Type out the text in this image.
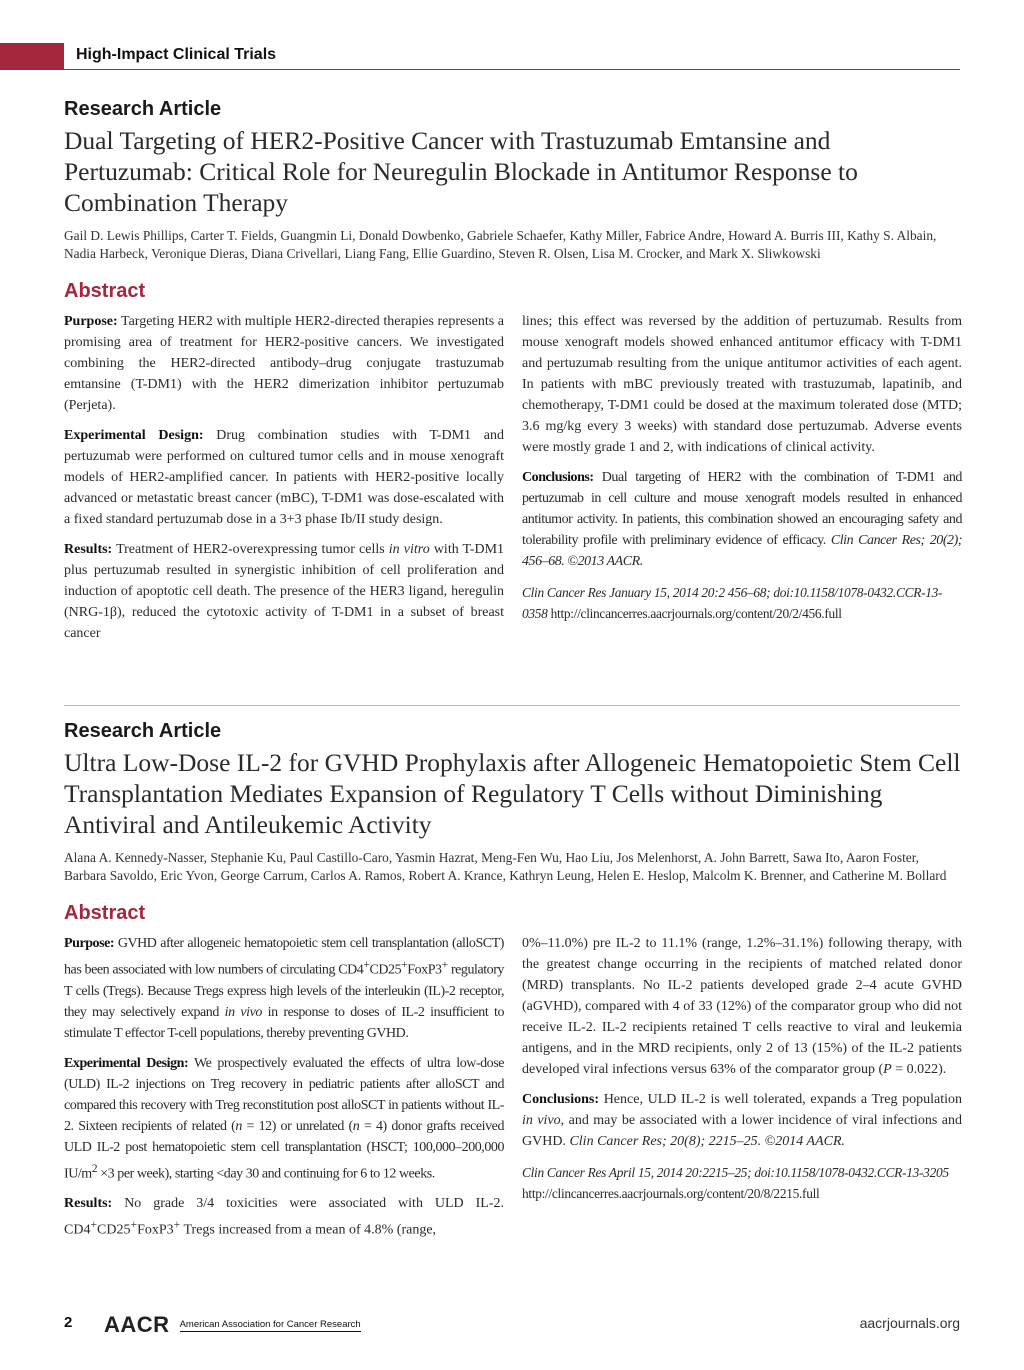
High-Impact Clinical Trials
Research Article
Dual Targeting of HER2-Positive Cancer with Trastuzumab Emtansine and Pertuzumab: Critical Role for Neuregulin Blockade in Antitumor Response to Combination Therapy

Gail D. Lewis Phillips, Carter T. Fields, Guangmin Li, Donald Dowbenko, Gabriele Schaefer, Kathy Miller, Fabrice Andre, Howard A. Burris III, Kathy S. Albain, Nadia Harbeck, Veronique Dieras, Diana Crivellari, Liang Fang, Ellie Guardino, Steven R. Olsen, Lisa M. Crocker, and Mark X. Sliwkowski

Abstract

Purpose: Targeting HER2 with multiple HER2-directed therapies represents a promising area of treatment for HER2-positive cancers. We investigated combining the HER2-directed antibody–drug conjugate trastuzumab emtansine (T-DM1) with the HER2 dimerization inhibitor pertuzumab (Perjeta).

Experimental Design: Drug combination studies with T-DM1 and pertuzumab were performed on cultured tumor cells and in mouse xenograft models of HER2-amplified cancer. In patients with HER2-positive locally advanced or metastatic breast cancer (mBC), T-DM1 was dose-escalated with a fixed standard pertuzumab dose in a 3+3 phase Ib/II study design.

Results: Treatment of HER2-overexpressing tumor cells in vitro with T-DM1 plus pertuzumab resulted in synergistic inhibition of cell proliferation and induction of apoptotic cell death. The presence of the HER3 ligand, heregulin (NRG-1β), reduced the cytotoxic activity of T-DM1 in a subset of breast cancer

lines; this effect was reversed by the addition of pertuzumab. Results from mouse xenograft models showed enhanced antitumor efficacy with T-DM1 and pertuzumab resulting from the unique antitumor activities of each agent. In patients with mBC previously treated with trastuzumab, lapatinib, and chemotherapy, T-DM1 could be dosed at the maximum tolerated dose (MTD; 3.6 mg/kg every 3 weeks) with standard dose pertuzumab. Adverse events were mostly grade 1 and 2, with indications of clinical activity.

Conclusions: Dual targeting of HER2 with the combination of T-DM1 and pertuzumab in cell culture and mouse xenograft models resulted in enhanced antitumor activity. In patients, this combination showed an encouraging safety and tolerability profile with preliminary evidence of efficacy. Clin Cancer Res; 20(2); 456–68. ©2013 AACR.

Clin Cancer Res January 15, 2014 20:2 456–68; doi:10.1158/1078-0432.CCR-13-0358 http://clincancerres.aacrjournals.org/content/20/2/456.full

Research Article
Ultra Low-Dose IL-2 for GVHD Prophylaxis after Allogeneic Hematopoietic Stem Cell Transplantation Mediates Expansion of Regulatory T Cells without Diminishing Antiviral and Antileukemic Activity

Alana A. Kennedy-Nasser, Stephanie Ku, Paul Castillo-Caro, Yasmin Hazrat, Meng-Fen Wu, Hao Liu, Jos Melenhorst, A. John Barrett, Sawa Ito, Aaron Foster, Barbara Savoldo, Eric Yvon, George Carrum, Carlos A. Ramos, Robert A. Krance, Kathryn Leung, Helen E. Heslop, Malcolm K. Brenner, and Catherine M. Bollard

Abstract

Purpose: GVHD after allogeneic hematopoietic stem cell transplantation (alloSCT) has been associated with low numbers of circulating CD4+CD25+FoxP3+ regulatory T cells (Tregs). Because Tregs express high levels of the interleukin (IL)-2 receptor, they may selectively expand in vivo in response to doses of IL-2 insufficient to stimulate T effector T-cell populations, thereby preventing GVHD.

Experimental Design: We prospectively evaluated the effects of ultra low-dose (ULD) IL-2 injections on Treg recovery in pediatric patients after alloSCT and compared this recovery with Treg reconstitution post alloSCT in patients without IL-2. Sixteen recipients of related (n = 12) or unrelated (n = 4) donor grafts received ULD IL-2 post hematopoietic stem cell transplantation (HSCT; 100,000–200,000 $IU/m^2 \times 3$ per week), starting <day 30 and continuing for 6 to 12 weeks.

Results: No grade 3/4 toxicities were associated with ULD IL-2. CD4+CD25+FoxP3+ Tregs increased from a mean of 4.8% (range,

0%–11.0%) pre IL-2 to 11.1% (range, 1.2%–31.1%) following therapy, with the greatest change occurring in the recipients of matched related donor (MRD) transplants. No IL-2 patients developed grade 2–4 acute GVHD (aGVHD), compared with 4 of 33 (12%) of the comparator group who did not receive IL-2. IL-2 recipients retained T cells reactive to viral and leukemia antigens, and in the MRD recipients, only 2 of 13 (15%) of the IL-2 patients developed viral infections versus 63% of the comparator group (P = 0.022).

Conclusions: Hence, ULD IL-2 is well tolerated, expands a Treg population in vivo, and may be associated with a lower incidence of viral infections and GVHD. Clin Cancer Res; 20(8); 2215–25. ©2014 AACR.

Clin Cancer Res April 15, 2014 20:2215–25; doi:10.1158/1078-0432.CCR-13-3205 http://clincancerres.aacrjournals.org/content/20/8/2215.full

2 AACR American Association for Cancer Research	aacrjournals.org
